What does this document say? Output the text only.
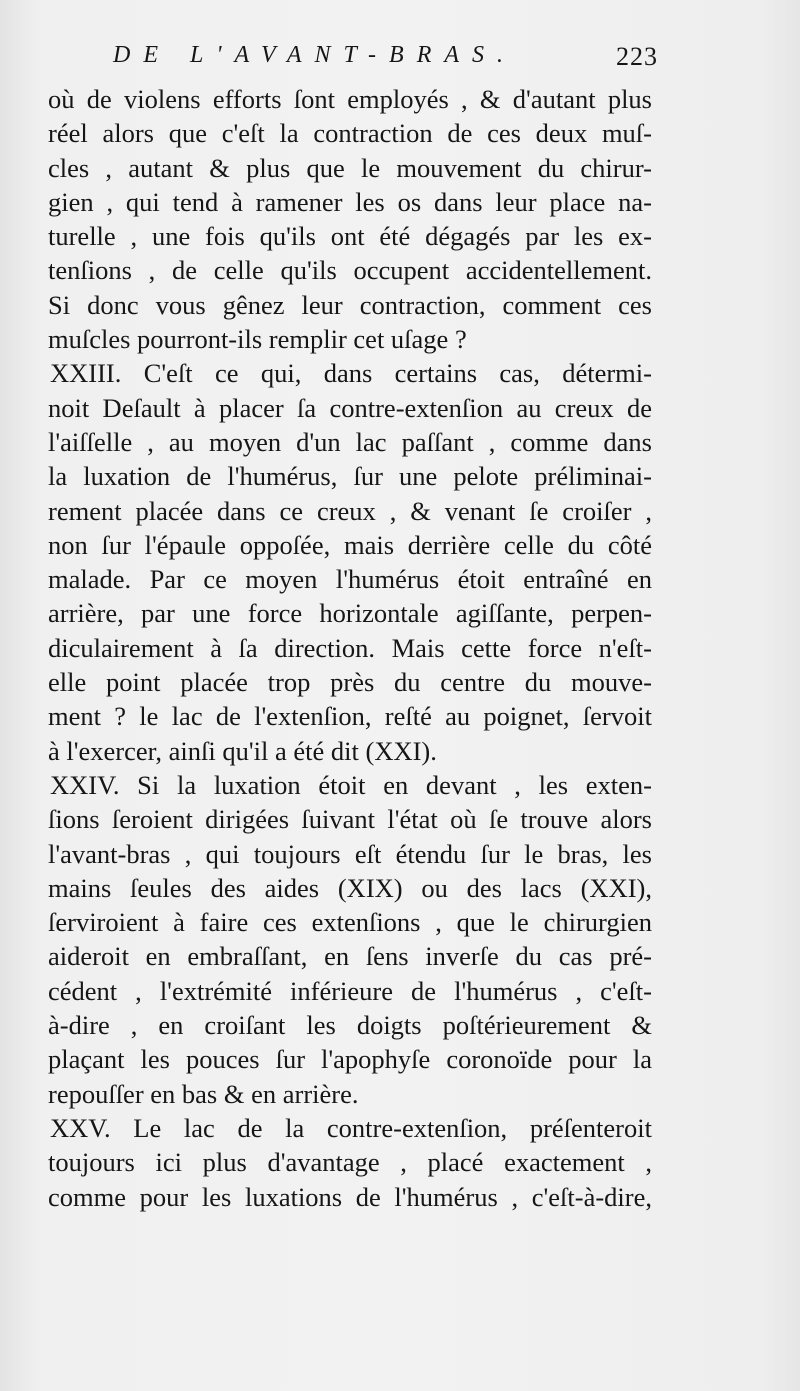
DE L'AVANT-BRAS.	223
où de violens efforts ſont employés , & d'autant plus
réel alors que c'eſt la contraction de ces deux muſ-
cles , autant & plus que le mouvement du chirur-
gien , qui tend à ramener les os dans leur place na-
turelle , une fois qu'ils ont été dégagés par les ex-
tenſions , de celle qu'ils occupent accidentellement.
Si donc vous gênez leur contraction, comment ces
muſcles pourront-ils remplir cet uſage ?
XXIII. C'eſt ce qui, dans certains cas, détermi-
noit Deſault à placer ſa contre-extenſion au creux de
l'aiſſelle , au moyen d'un lac paſſant , comme dans
la luxation de l'humérus, ſur une pelote préliminai-
rement placée dans ce creux , & venant ſe croiſer ,
non ſur l'épaule oppoſée, mais derrière celle du côté
malade. Par ce moyen l'humérus étoit entraîné en
arrière, par une force horizontale agiſſante, perpen-
diculairement à ſa direction. Mais cette force n'eſt-
elle point placée trop près du centre du mouve-
ment ? le lac de l'extenſion, reſté au poignet, ſervoit
à l'exercer, ainſi qu'il a été dit (XXI).
XXIV. Si la luxation étoit en devant , les exten-
ſions ſeroient dirigées ſuivant l'état où ſe trouve alors
l'avant-bras , qui toujours eſt étendu ſur le bras, les
mains ſeules des aides (XIX) ou des lacs (XXI),
ſerviroient à faire ces extenſions , que le chirurgien
aideroit en embraſſant, en ſens inverſe du cas pré-
cédent , l'extrémité inférieure de l'humérus , c'eſt-
à-dire , en croiſant les doigts poſtérieurement &
plaçant les pouces ſur l'apophyſe coronoïde pour la
repouſſer en bas & en arrière.
XXV. Le lac de la contre-extenſion, préſenteroit
toujours ici plus d'avantage , placé exactement ,
comme pour les luxations de l'humérus , c'eſt-à-dire,
